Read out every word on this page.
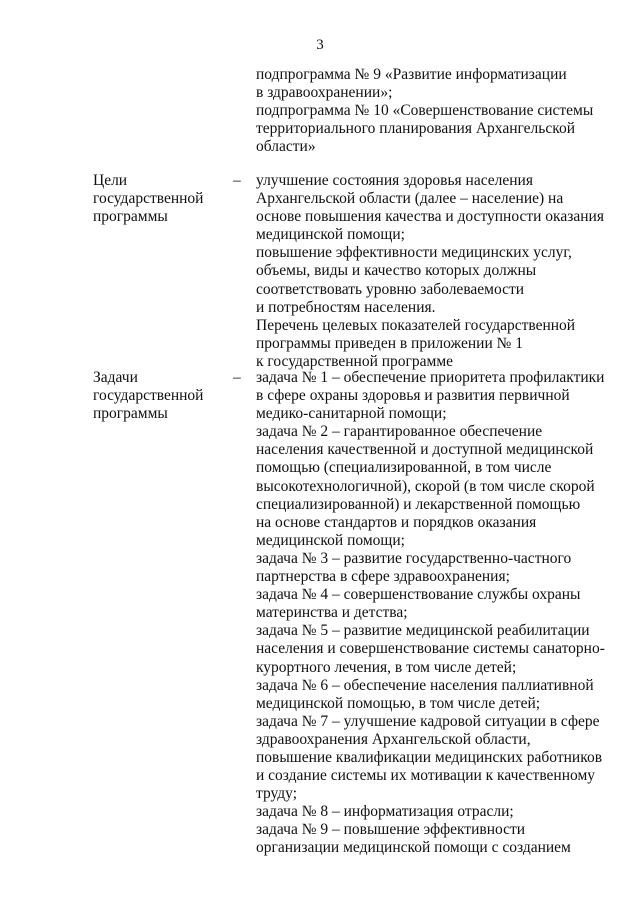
3
подпрограмма № 9 «Развитие информатизации
в здравоохранении»;
подпрограмма № 10 «Совершенствование системы
территориального планирования Архангельской
области»
Цели
государственной
программы
– улучшение состояния здоровья населения
Архангельской области (далее – население) на
основе повышения качества и доступности оказания
медицинской помощи;
повышение эффективности медицинских услуг,
объемы, виды и качество которых должны
соответствовать уровню заболеваемости
и потребностям населения.
Перечень целевых показателей государственной
программы приведен в приложении № 1
к государственной программе
Задачи
государственной
программы
– задача № 1 – обеспечение приоритета профилактики
в сфере охраны здоровья и развития первичной
медико-санитарной помощи;
задача № 2 – гарантированное обеспечение
населения качественной и доступной медицинской
помощью (специализированной, в том числе
высокотехнологичной), скорой (в том числе скорой
специализированной) и лекарственной помощью
на основе стандартов и порядков оказания
медицинской помощи;
задача № 3 – развитие государственно-частного
партнерства в сфере здравоохранения;
задача № 4 – совершенствование службы охраны
материнства и детства;
задача № 5 – развитие медицинской реабилитации
населения и совершенствование системы санаторно-
курортного лечения, в том числе детей;
задача № 6 – обеспечение населения паллиативной
медицинской помощью, в том числе детей;
задача № 7 – улучшение кадровой ситуации в сфере
здравоохранения Архангельской области,
повышение квалификации медицинских работников
и создание системы их мотивации к качественному
труду;
задача № 8 – информатизация отрасли;
задача № 9 – повышение эффективности
организации медицинской помощи с созданием
